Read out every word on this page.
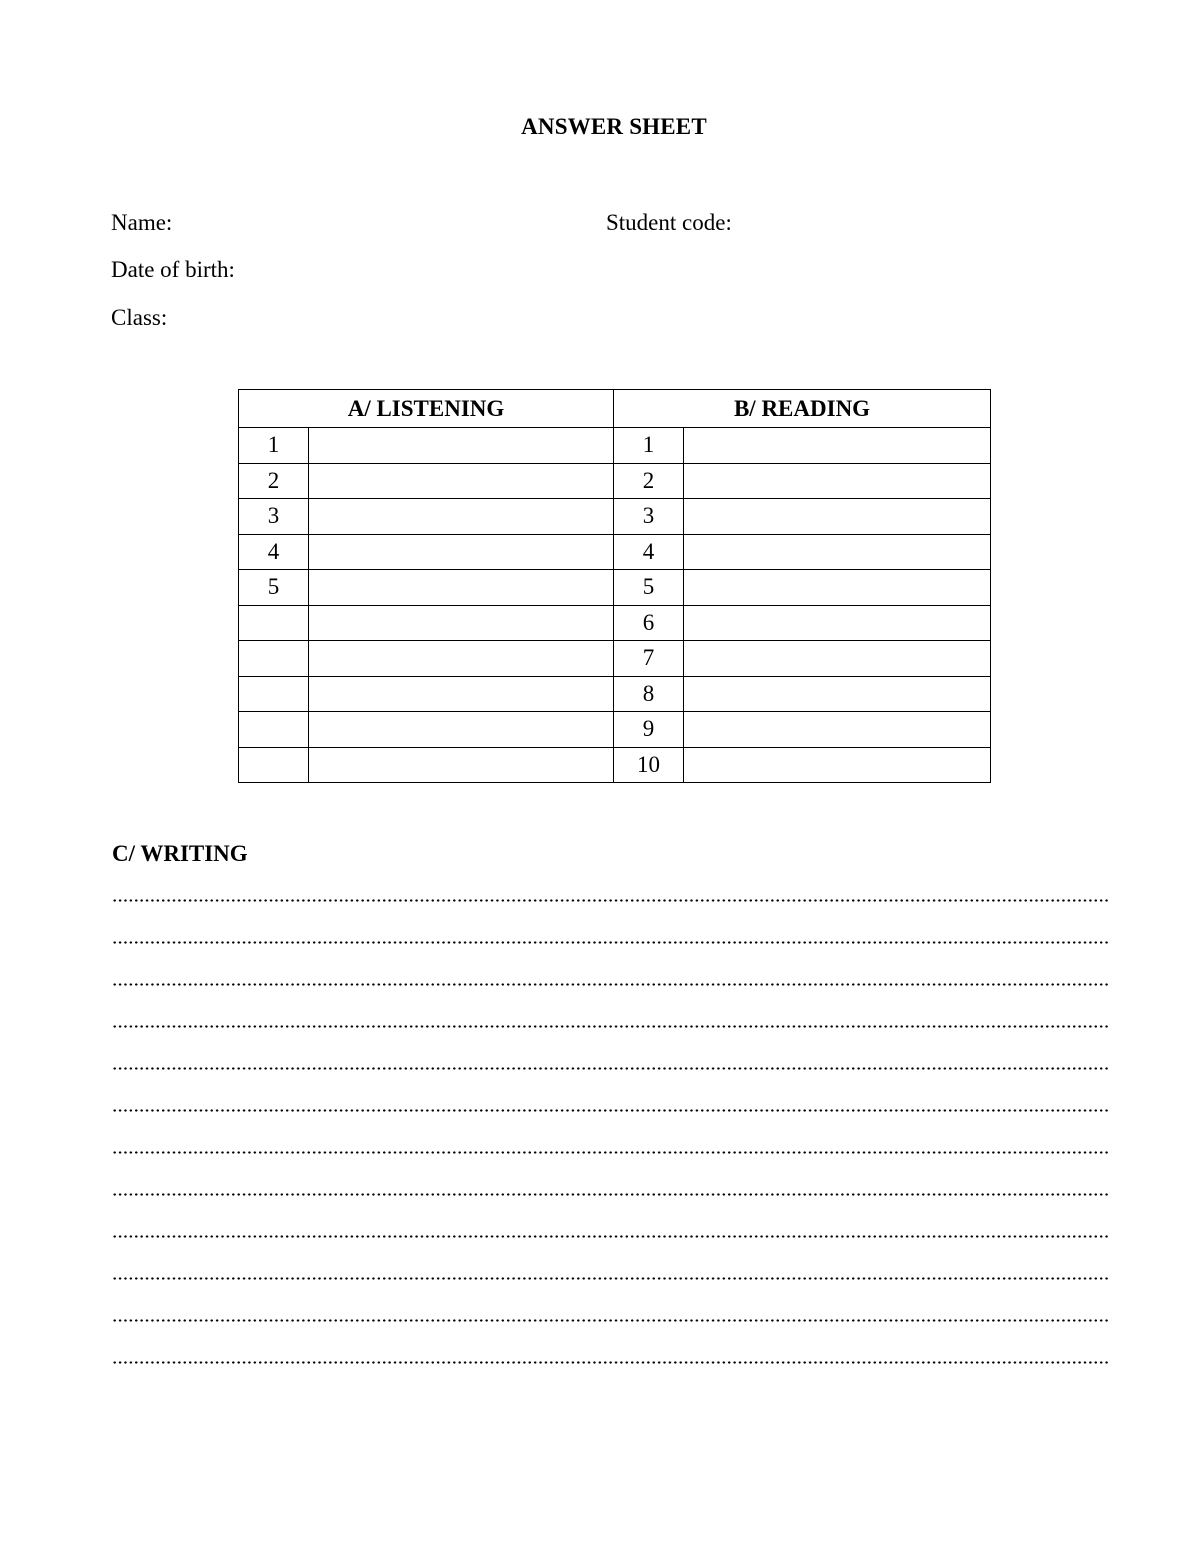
ANSWER SHEET
Name:	Student code:
Date of birth:
Class:
A/ LISTENING		B/ READING	
1		1	
2		2	
3		3	
4		4	
5		5	
		6	
		7	
		8	
		9	
		10	
C/ WRITING
